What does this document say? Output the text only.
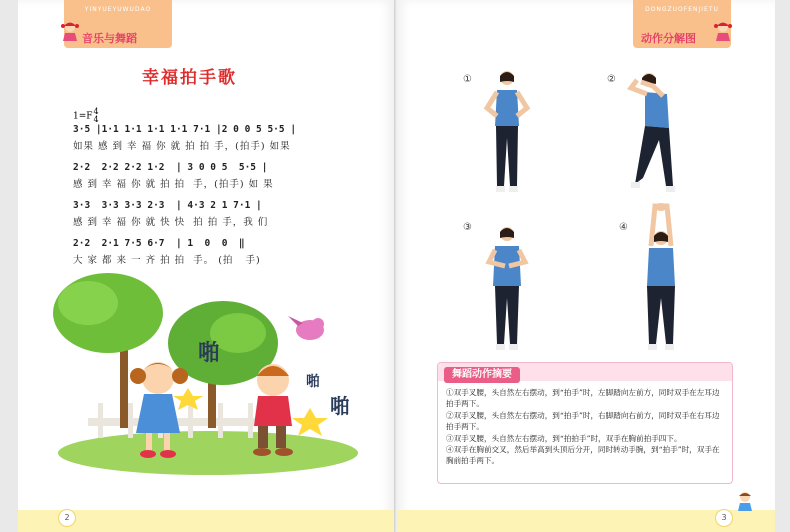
YINYUEYUWUDAO
音乐与舞蹈
幸福拍手歌
1=F4
4
3·5 |1·1 1·1 1·1 1·1 7·1 |2 0 0 5 5·5 |
如果 感 到 幸 福 你 就 拍 拍 手，(拍手) 如果
2·2  2·2 2·2 1·2  | 3 0 0 5  5·5 |
感 到 幸 福 你 就 拍 拍  手，(拍手) 如 果
3·3  3·3 3·3 2·3  | 4·3 2 1 7·1 |
感 到 幸 福 你 就 快 快  拍 拍 手，我 们
2·2  2·1 7·5 6·7  | 1  0  0  ‖
大 家 都 来 一 齐 拍 拍  手。 (拍   手)
啪
啪
啪
2
DONGZUOFENJIETU
动作分解图
①	②
③	④
舞蹈动作摘要

①双手叉腰，头自然左右摆动，到“拍手”时，左脚踏向左前方，同时双手在左耳边拍手两下。

②双手叉腰，头自然左右摆动，到“拍手”时，右脚踏向右前方，同时双手在右耳边拍手两下。

③双手叉腰，头自然左右摆动，到“拍拍手”时，双手在胸前拍手四下。

④双手在胸前交叉，然后举高到头顶后分开，同时转动手腕，到“拍手”时，双手在胸前拍手两下。

3
